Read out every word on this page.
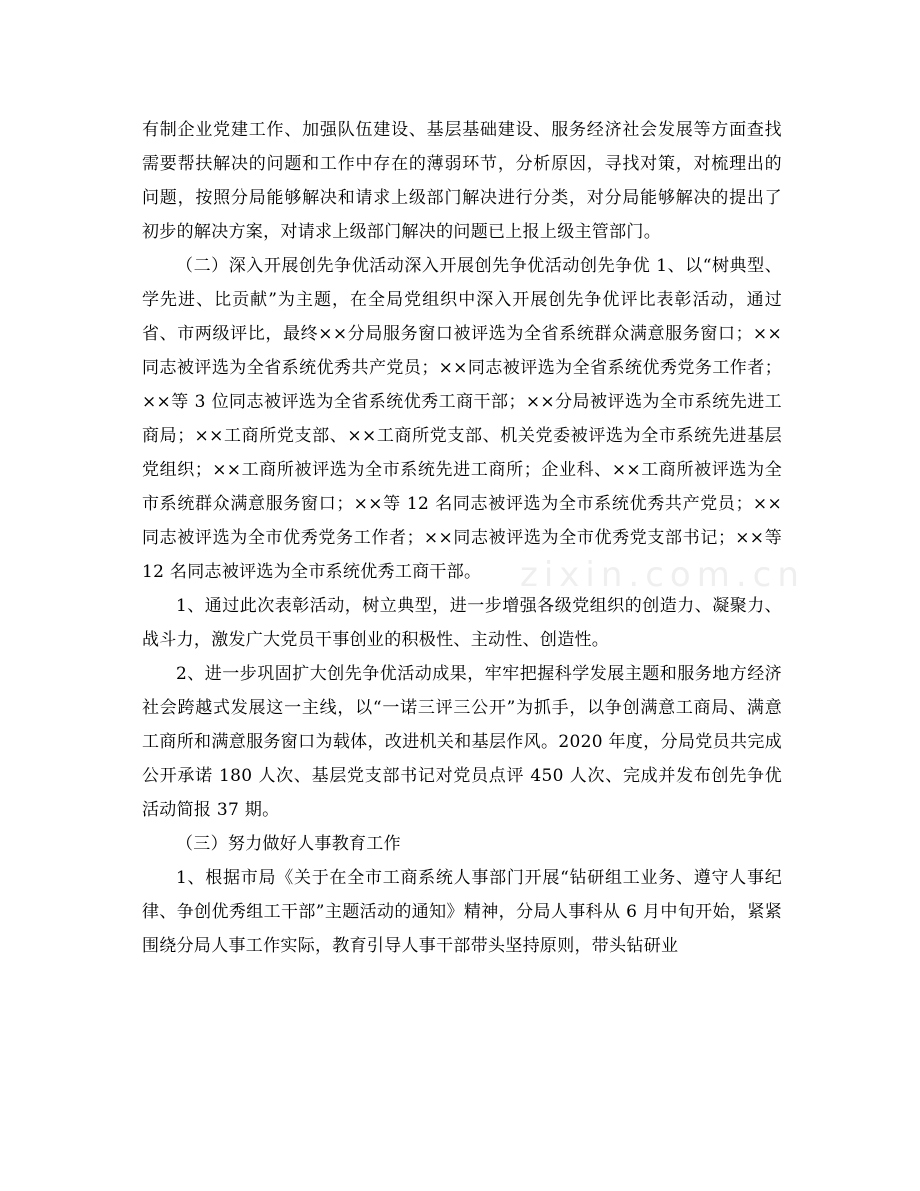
有制企业党建工作、加强队伍建设、基层基础建设、服务经济社会发展等方面查找需要帮扶解决的问题和工作中存在的薄弱环节，分析原因，寻找对策，对梳理出的问题，按照分局能够解决和请求上级部门解决进行分类，对分局能够解决的提出了初步的解决方案，对请求上级部门解决的问题已上报上级主管部门。

（二）深入开展创先争优活动深入开展创先争优活动创先争优 1、以“树典型、学先进、比贡献”为主题，在全局党组织中深入开展创先争优评比表彰活动，通过省、市两级评比，最终××分局服务窗口被评选为全省系统群众满意服务窗口；××同志被评选为全省系统优秀共产党员；××同志被评选为全省系统优秀党务工作者；××等 3 位同志被评选为全省系统优秀工商干部；××分局被评选为全市系统先进工商局；××工商所党支部、××工商所党支部、机关党委被评选为全市系统先进基层党组织；××工商所被评选为全市系统先进工商所；企业科、××工商所被评选为全市系统群众满意服务窗口；××等 12 名同志被评选为全市系统优秀共产党员；××同志被评选为全市优秀党务工作者；××同志被评选为全市优秀党支部书记；××等 12 名同志被评选为全市系统优秀工商干部。

1、通过此次表彰活动，树立典型，进一步增强各级党组织的创造力、凝聚力、战斗力，激发广大党员干事创业的积极性、主动性、创造性。

2、进一步巩固扩大创先争优活动成果，牢牢把握科学发展主题和服务地方经济社会跨越式发展这一主线，以“一诺三评三公开”为抓手，以争创满意工商局、满意工商所和满意服务窗口为载体，改进机关和基层作风。2020 年度，分局党员共完成公开承诺 180 人次、基层党支部书记对党员点评 450 人次、完成并发布创先争优活动简报 37 期。

（三）努力做好人事教育工作

1、根据市局《关于在全市工商系统人事部门开展“钻研组工业务、遵守人事纪律、争创优秀组工干部”主题活动的通知》精神，分局人事科从 6 月中旬开始，紧紧围绕分局人事工作实际，教育引导人事干部带头坚持原则，带头钻研业

zixin.com.cn
